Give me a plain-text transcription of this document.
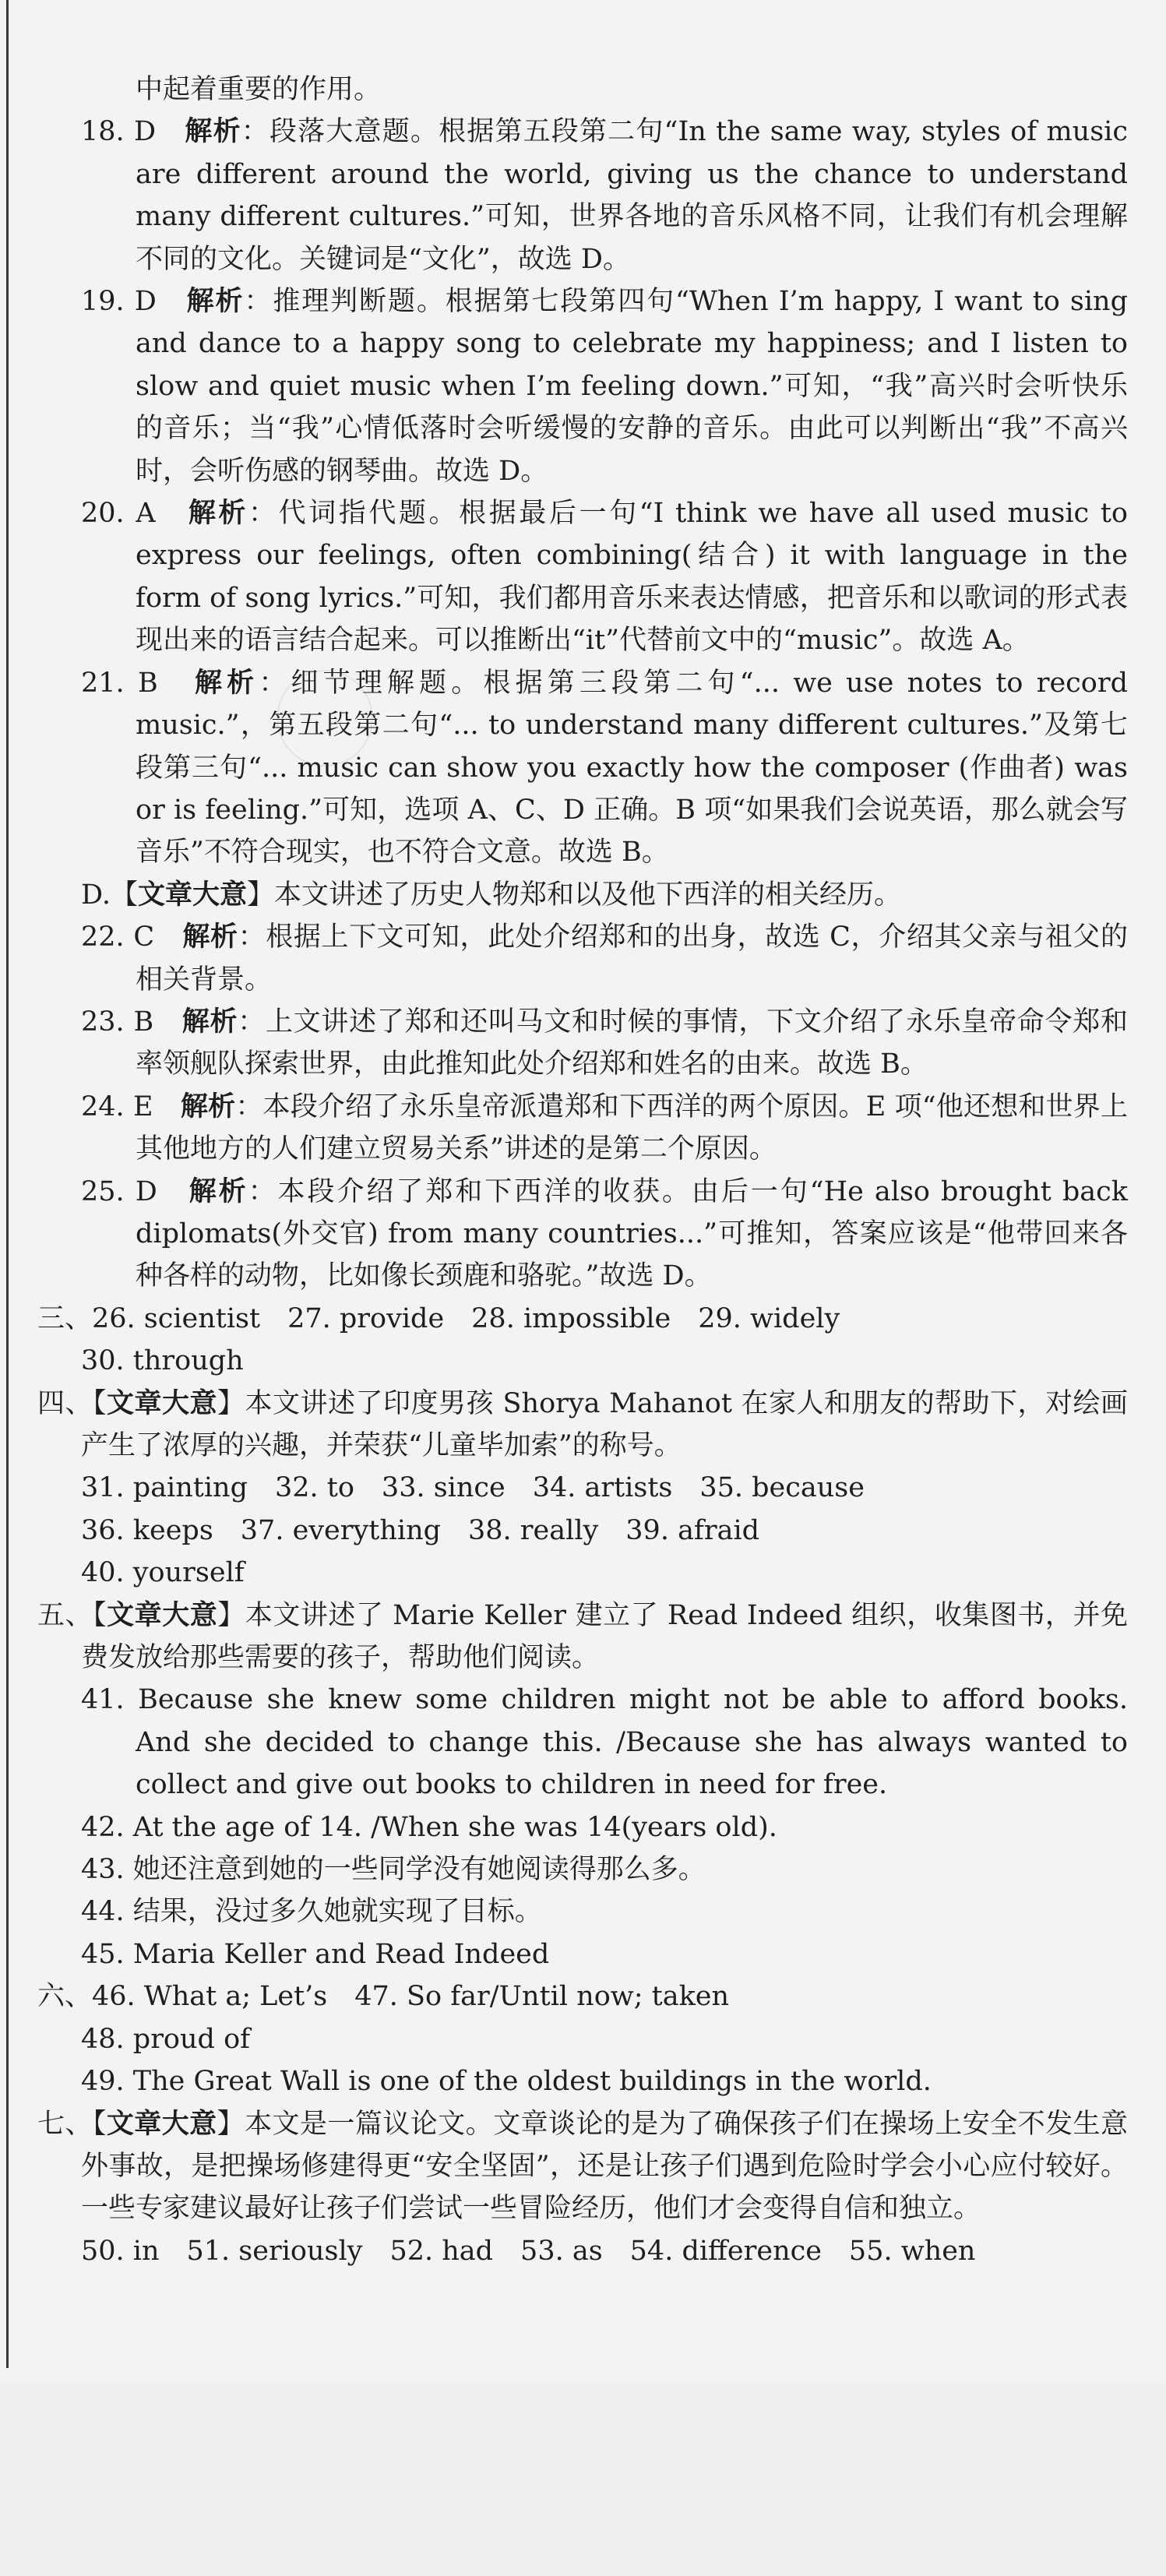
中起着重要的作用。

18. D　解析：段落大意题。根据第五段第二句“In the same way, styles of music are different around the world, giving us the chance to understand many different cultures.”可知，世界各地的音乐风格不同，让我们有机会理解不同的文化。关键词是“文化”，故选 D。

19. D　解析：推理判断题。根据第七段第四句“When I’m happy, I want to sing and dance to a happy song to celebrate my happiness; and I listen to slow and quiet music when I’m feeling down.”可知，“我”高兴时会听快乐的音乐；当“我”心情低落时会听缓慢的安静的音乐。由此可以判断出“我”不高兴时，会听伤感的钢琴曲。故选 D。

20. A　解析：代词指代题。根据最后一句“I think we have all used music to express our feelings, often combining(结合) it with language in the form of song lyrics.”可知，我们都用音乐来表达情感，把音乐和以歌词的形式表现出来的语言结合起来。可以推断出“it”代替前文中的“music”。故选 A。

21. B　解析：细节理解题。根据第三段第二句“... we use notes to record music.”，第五段第二句“... to understand many different cultures.”及第七段第三句“... music can show you exactly how the composer (作曲者) was or is feeling.”可知，选项 A、C、D 正确。B 项“如果我们会说英语，那么就会写音乐”不符合现实，也不符合文意。故选 B。

D.【文章大意】本文讲述了历史人物郑和以及他下西洋的相关经历。

22. C　解析：根据上下文可知，此处介绍郑和的出身，故选 C，介绍其父亲与祖父的相关背景。

23. B　解析：上文讲述了郑和还叫马文和时候的事情，下文介绍了永乐皇帝命令郑和率领舰队探索世界，由此推知此处介绍郑和姓名的由来。故选 B。

24. E　解析：本段介绍了永乐皇帝派遣郑和下西洋的两个原因。E 项“他还想和世界上其他地方的人们建立贸易关系”讲述的是第二个原因。

25. D　解析：本段介绍了郑和下西洋的收获。由后一句“He also brought back diplomats(外交官) from many countries...”可推知，答案应该是“他带回来各种各样的动物，比如像长颈鹿和骆驼。”故选 D。

三、26. scientist　27. provide　28. impossible　29. widely

30. through

四、【文章大意】本文讲述了印度男孩 Shorya Mahanot 在家人和朋友的帮助下，对绘画产生了浓厚的兴趣，并荣获“儿童毕加索”的称号。

31. painting　32. to　33. since　34. artists　35. because

36. keeps　37. everything　38. really　39. afraid

40. yourself

五、【文章大意】本文讲述了 Marie Keller 建立了 Read Indeed 组织，收集图书，并免费发放给那些需要的孩子，帮助他们阅读。

41. Because she knew some children might not be able to afford books. And she decided to change this. /Because she has always wanted to collect and give out books to children in need for free.

42. At the age of 14. /When she was 14(years old).

43. 她还注意到她的一些同学没有她阅读得那么多。

44. 结果，没过多久她就实现了目标。

45. Maria Keller and Read Indeed

六、46. What a; Let’s　47. So far/Until now; taken

48. proud of

49. The Great Wall is one of the oldest buildings in the world.

七、【文章大意】本文是一篇议论文。文章谈论的是为了确保孩子们在操场上安全不发生意外事故，是把操场修建得更“安全坚固”，还是让孩子们遇到危险时学会小心应付较好。一些专家建议最好让孩子们尝试一些冒险经历，他们才会变得自信和独立。

50. in　51. seriously　52. had　53. as　54. difference　55. when
